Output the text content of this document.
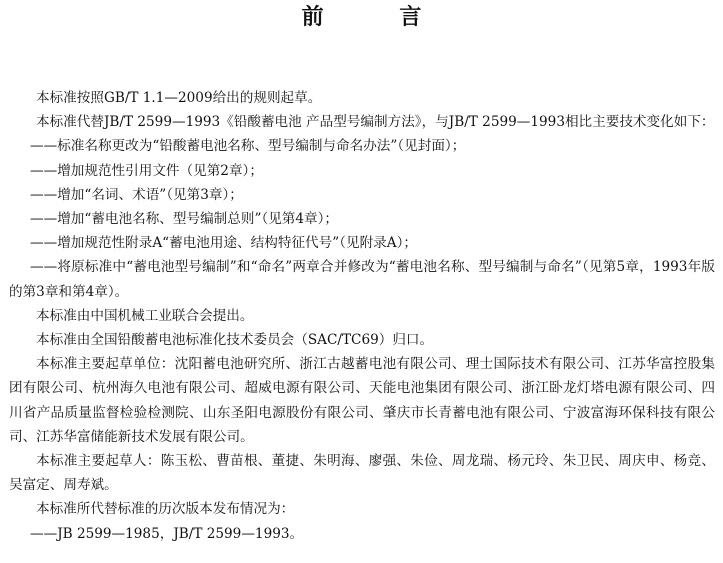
前 言

本标准按照GB/T 1.1—2009给出的规则起草。

本标准代替JB/T 2599—1993《铅酸蓄电池 产品型号编制方法》，与JB/T 2599—1993相比主要技术变化如下：

——标准名称更改为“铅酸蓄电池名称、型号编制与命名办法”（见封面）；

——增加规范性引用文件（见第2章）；

——增加“名词、术语”（见第3章）；

——增加“蓄电池名称、型号编制总则”（见第4章）；

——增加规范性附录A“蓄电池用途、结构特征代号”（见附录A）；

——将原标准中“蓄电池型号编制”和“命名”两章合并修改为“蓄电池名称、型号编制与命名”（见第5章，1993年版的第3章和第4章）。

本标准由中国机械工业联合会提出。

本标准由全国铅酸蓄电池标准化技术委员会（SAC/TC69）归口。

本标准主要起草单位：沈阳蓄电池研究所、浙江古越蓄电池有限公司、理士国际技术有限公司、江苏华富控股集团有限公司、杭州海久电池有限公司、超威电源有限公司、天能电池集团有限公司、浙江卧龙灯塔电源有限公司、四川省产品质量监督检验检测院、山东圣阳电源股份有限公司、肇庆市长青蓄电池有限公司、宁波富海环保科技有限公司、江苏华富储能新技术发展有限公司。

本标准主要起草人：陈玉松、曹苗根、董捷、朱明海、廖强、朱俭、周龙瑞、杨元玲、朱卫民、周庆申、杨竞、吴富定、周寿斌。

本标准所代替标准的历次版本发布情况为：

——JB 2599—1985，JB/T 2599—1993。
